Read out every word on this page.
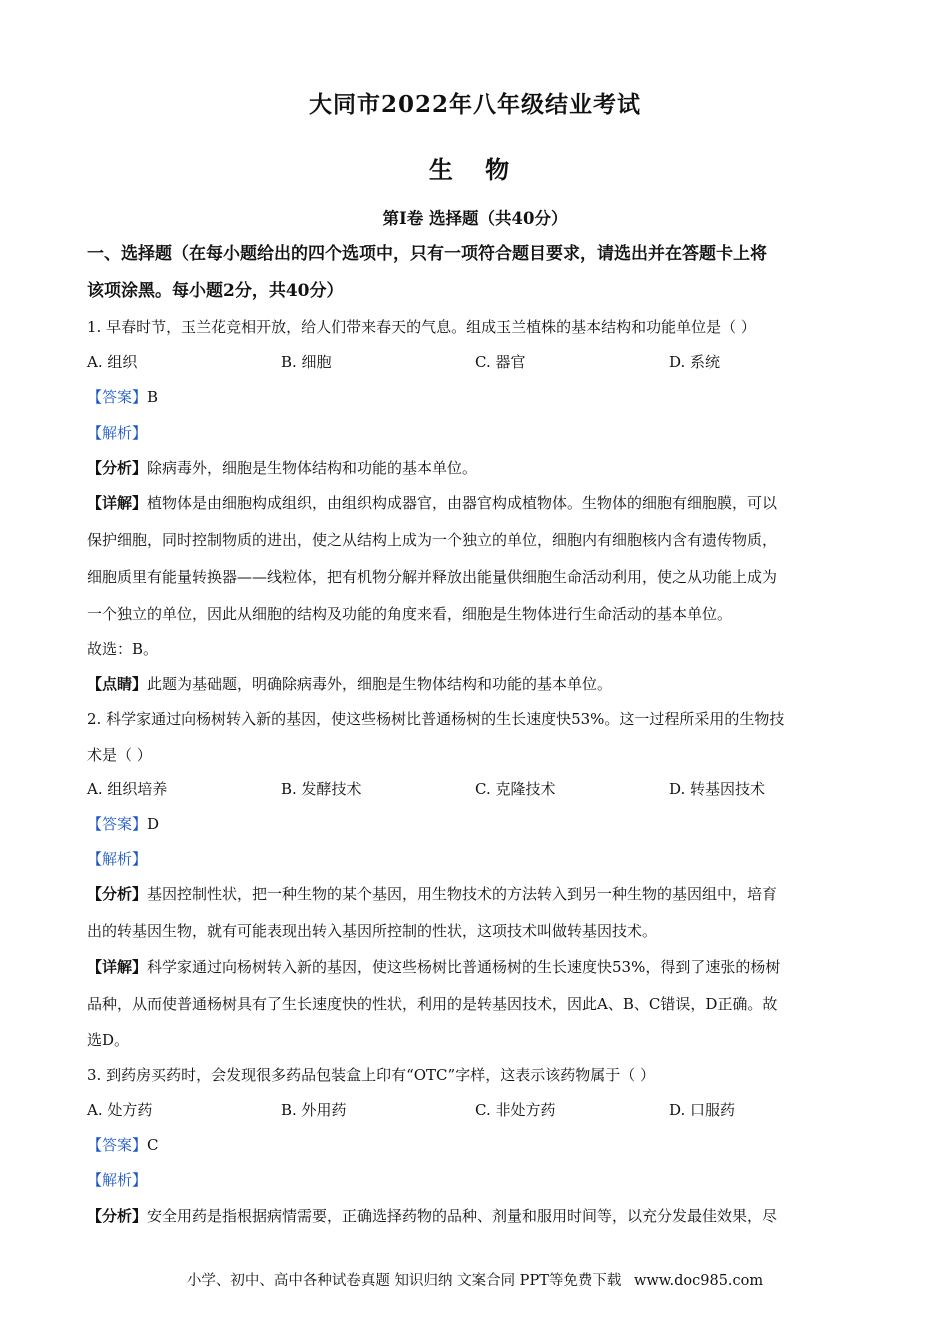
大同市2022年八年级结业考试
生 物
第Ⅰ卷 选择题（共40分）
一、选择题（在每小题给出的四个选项中，只有一项符合题目要求，请选出并在答题卡上将
该项涂黑。每小题2分，共40分）
1. 早春时节，玉兰花竞相开放，给人们带来春天的气息。组成玉兰植株的基本结构和功能单位是（ ）
A. 组织	B. 细胞	C. 器官	D. 系统
【答案】B
【解析】
【分析】除病毒外，细胞是生物体结构和功能的基本单位。
【详解】植物体是由细胞构成组织，由组织构成器官，由器官构成植物体。生物体的细胞有细胞膜，可以
保护细胞，同时控制物质的进出，使之从结构上成为一个独立的单位，细胞内有细胞核内含有遗传物质，
细胞质里有能量转换器——线粒体，把有机物分解并释放出能量供细胞生命活动利用，使之从功能上成为
一个独立的单位，因此从细胞的结构及功能的角度来看，细胞是生物体进行生命活动的基本单位。
故选：B。
【点睛】此题为基础题，明确除病毒外，细胞是生物体结构和功能的基本单位。
2. 科学家通过向杨树转入新的基因，使这些杨树比普通杨树的生长速度快53%。这一过程所采用的生物技
术是（ ）
A. 组织培养	B. 发酵技术	C. 克隆技术	D. 转基因技术
【答案】D
【解析】
【分析】基因控制性状，把一种生物的某个基因，用生物技术的方法转入到另一种生物的基因组中，培育
出的转基因生物，就有可能表现出转入基因所控制的性状，这项技术叫做转基因技术。
【详解】科学家通过向杨树转入新的基因，使这些杨树比普通杨树的生长速度快53%，得到了速张的杨树
品种，从而使普通杨树具有了生长速度快的性状，利用的是转基因技术，因此A、B、C错误，D正确。故
选D。
3. 到药房买药时，会发现很多药品包装盒上印有“OTC”字样，这表示该药物属于（ ）
A. 处方药	B. 外用药	C. 非处方药	D. 口服药
【答案】C
【解析】
【分析】安全用药是指根据病情需要，正确选择药物的品种、剂量和服用时间等，以充分发最佳效果，尽
小学、初中、高中各种试卷真题 知识归纳 文案合同 PPT等免费下载 www.doc985.com
